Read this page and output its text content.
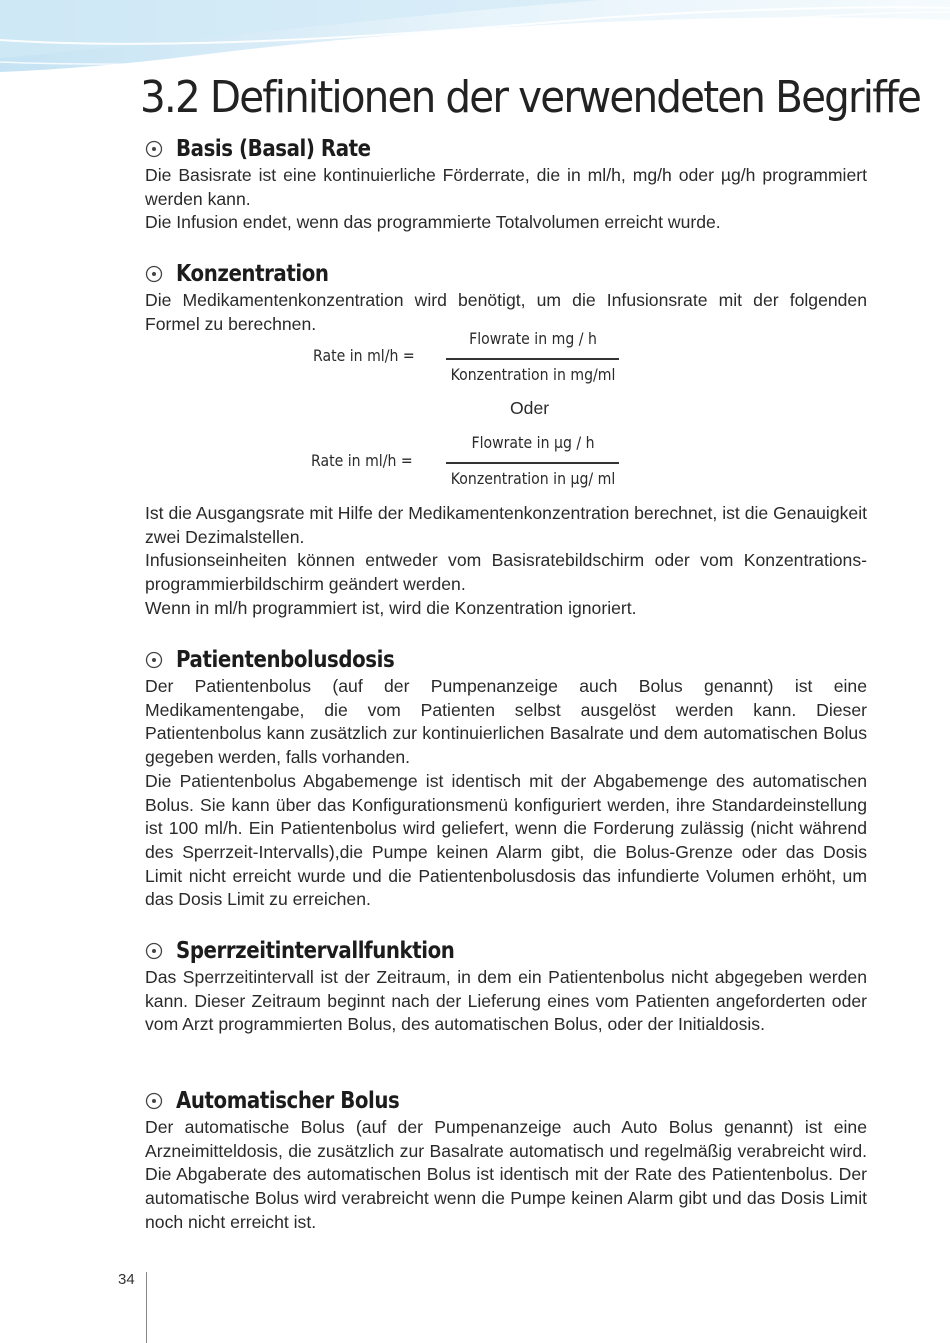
3.2 Definitionen der verwendeten Begriffe
Basis (Basal) Rate

Die Basisrate ist eine kontinuierliche Förderrate, die in ml/h, mg/h oder µg/h programmiert werden kann.

Die Infusion endet, wenn das programmierte Totalvolumen erreicht wurde.

Konzentration

Die Medikamentenkonzentration wird benötigt, um die Infusionsrate mit der folgenden Formel zu berechnen.

Rate in ml/h =
Flowrate in mg / h
Konzentration in mg/ml
Oder
Rate in ml/h =
Flowrate in µg / h
Konzentration in µg/ ml

Ist die Ausgangsrate mit Hilfe der Medikamentenkonzentration berechnet, ist die Genauigkeit zwei Dezimalstellen.

Infusionseinheiten können entweder vom Basisratebildschirm oder vom Konzentrations-programmierbildschirm geändert werden.

Wenn in ml/h programmiert ist, wird die Konzentration ignoriert.

Patientenbolusdosis

Der Patientenbolus (auf der Pumpenanzeige auch Bolus genannt) ist eine Medikamentengabe, die vom Patienten selbst ausgelöst werden kann. Dieser Patientenbolus kann zusätzlich zur kontinuierlichen Basalrate und dem automatischen Bolus gegeben werden, falls vorhanden.

Die Patientenbolus Abgabemenge ist identisch mit der Abgabemenge des automatischen Bolus. Sie kann über das Konfigurationsmenü konfiguriert werden, ihre Standardeinstellung ist 100 ml/h. Ein Patientenbolus wird geliefert, wenn die Forderung zulässig (nicht während des Sperrzeit-Intervalls),die Pumpe keinen Alarm gibt, die Bolus-Grenze oder das Dosis Limit nicht erreicht wurde und die Patientenbolusdosis das infundierte Volumen erhöht, um das Dosis Limit zu erreichen.

Sperrzeitintervallfunktion

Das Sperrzeitintervall ist der Zeitraum, in dem ein Patientenbolus nicht abgegeben werden kann. Dieser Zeitraum beginnt nach der Lieferung eines vom Patienten angeforderten oder vom Arzt programmierten Bolus, des automatischen Bolus, oder der Initialdosis.

Automatischer Bolus

Der automatische Bolus (auf der Pumpenanzeige auch Auto Bolus genannt) ist eine Arzneimitteldosis, die zusätzlich zur Basalrate automatisch und regelmäßig verabreicht wird. Die Abgaberate des automatischen Bolus ist identisch mit der Rate des Patientenbolus. Der automatische Bolus wird verabreicht wenn die Pumpe keinen Alarm gibt und das Dosis Limit noch nicht erreicht ist.

34
